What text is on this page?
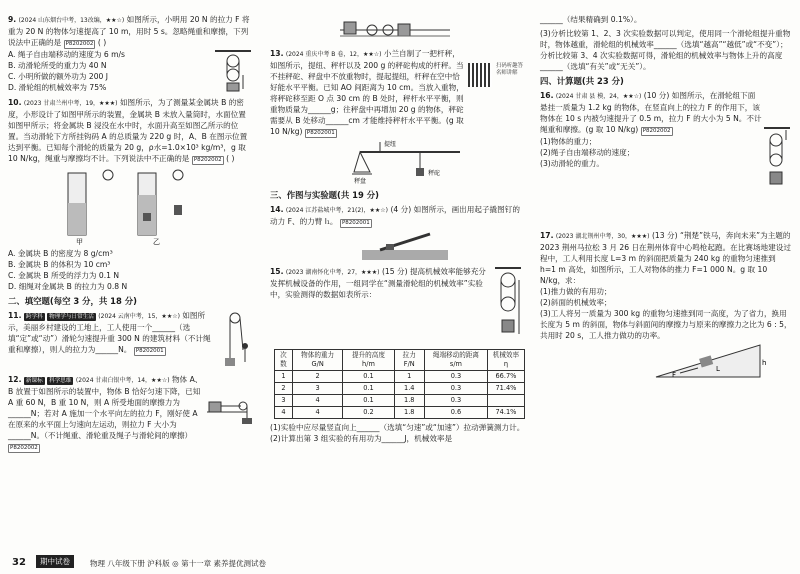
9. (2024 山东烟台中考，13改编，★★☆) 如图所示，小明用 20 N 的拉力 F 将重为 20 N 的物体匀速提高了 10 m，用时 5 s。忽略绳重和摩擦，下列说法中正确的是 P8202002 ( )

A. 绳子自由端移动的速度为 6 m/s

B. 动滑轮所受的重力为 40 N

C. 小明所做的额外功为 200 J

D. 滑轮组的机械效率为 75%

10. (2023 甘肃兰州中考，19，★★★) 如图所示，为了测量某金属块 B 的密度，小形设计了如图甲所示的装置，金属块 B 未放入量筒时，水面位置如图甲所示；将金属块 B 浸没在水中时，水面升高至如图乙所示的位置。当动滑轮下方所挂钩码 A 的总质量为 220 g 时，A、B 在图示位置达到平衡。已知每个滑轮的质量为 20 g，ρ水=1.0×10³ kg/m³，g 取 10 N/kg，绳重与摩擦均不计。下列说法中不正确的是 P8202002 ( )

甲	乙

A. 金属块 B 的密度为 8 g/cm³

B. 金属块 B 的体积为 10 cm³

C. 金属块 B 所受的浮力为 0.1 N

D. 细绳对金属块 B 的拉力为 0.8 N

二、填空题(每空 3 分，共 18 分)

11. 跨学科 物理学与日常生活 (2024 云南中考，15，★★☆) 如图所示，美丽乡村建设的工地上，工人使用一个______（选填“定”或“动”）滑轮匀速提升重 300 N 的建筑材料（不计绳重和摩擦），则人的拉力为______N。 P8202001

12. 新课标 科学思维 (2024 甘肃白银中考，14，★★☆) 物体 A、B 放置于如图所示的装置中，物体 B 恰好匀速下降，已知 A 重 60 N，B 重 10 N，则 A 所受地面的摩擦力为______N；若对 A 施加一个水平向左的拉力 F，刚好使 A 在原来的水平面上匀速向左运动，则拉力 F 大小为______N。（不计绳重、滑轮重及绳子与滑轮间的摩擦） P8202002

13. (2024 重庆中考 B 卷，12，★★☆) 小兰自制了一把杆秤，如图所示，提纽、秤杆以及 200 g 的秤砣构成的杆秤。当不挂秤砣、秤盘中不放重物时，提起提纽，杆秤在空中恰好能水平平衡。已知 AO 间距离为 10 cm。当放入重物，将秤砣移至距 O 点 30 cm 的 B 处时，秤杆水平平衡，则重物质量为______g；往秤盘中再增加 20 g 的物体，秤砣需要从 B 处移动______cm 才能维持秤杆水平平衡。(g 取 10 N/kg) P8202001

提纽
秤盘
秤砣
三、作图与实验题(共 19 分)

14. (2024 江苏盐城中考，21(2)，★★☆) (4 分) 如图所示，画出用起子撬图钉的动力 F、的力臂 l₁。 P8202001

15. (2023 湖南怀化中考，27，★★★) (15 分) 提高机械效率能够充分发挥机械设备的作用，一组同学在“测量滑轮组的机械效率”实验中，实验测得的数据如表所示：

次数	物体的重力 G/N	提升的高度 h/m	拉力 F/N	绳端移动的距离 s/m	机械效率 η
1	2	0.1	1	0.3	66.7%
2	3	0.1	1.4	0.3	71.4%
3	4	0.1	1.8	0.3	
4	4	0.2	1.8	0.6	74.1%

(1)实验中应尽量竖直向上______（选填“匀速”或“加速”）拉动弹簧测力计。

(2)计算出第 3 组实验的有用功为______J，机械效率是

扫码听趣答 名师讲解

______（结果精确到 0.1%）。

(3)分析比较第 1、2、3 次实验数据可以判定，使用同一个滑轮组提升重物时，物体越重，滑轮组的机械效率______（选填“越高”“越低”或“不变”）；分析比较第 3、4 次实验数据可得，滑轮组的机械效率与物体上升的高度______（选填“有关”或“无关”）。

四、计算题(共 23 分)

16. (2024 甘肃 县 模，24，★★☆) (10 分) 如图所示，在滑轮组下面悬挂一质量为 1.2 kg 的物体，在竖直向上的拉力 F 的作用下，该物体在 10 s 内被匀速提升了 0.5 m，拉力 F 的大小为 5 N。不计绳重和摩擦。(g 取 10 N/kg) P8202002

(1)物体的重力；

(2)绳子自由端移动的速度；

(3)动滑轮的重力。

17. (2023 湖北荆州中考，30，★★★) (13 分) “荆楚”铁马，奔向未来”为主题的 2023 荆州马拉松 3 月 26 日在荆州体育中心鸣枪起跑。在比赛场地建设过程中，工人利用长度 L=3 m 的斜面把质量为 240 kg 的重物匀速推到 h=1 m 高处，如图所示，工人对物体的推力 F=1 000 N。g 取 10 N/kg，求：

(1)推力做的有用功；

(2)斜面的机械效率；

(3)工人将另一质量为 300 kg 的重物匀速推到同一高度，为了省力，换用长度为 5 m 的斜面，物体与斜面间的摩擦力与原来的摩擦力之比为 6 : 5，共用时 20 s，工人推力做功的功率。

F
L
h
32	期中试卷	物理 八年级下册 沪科版 ◎ 第十一章 素养提优测试卷
